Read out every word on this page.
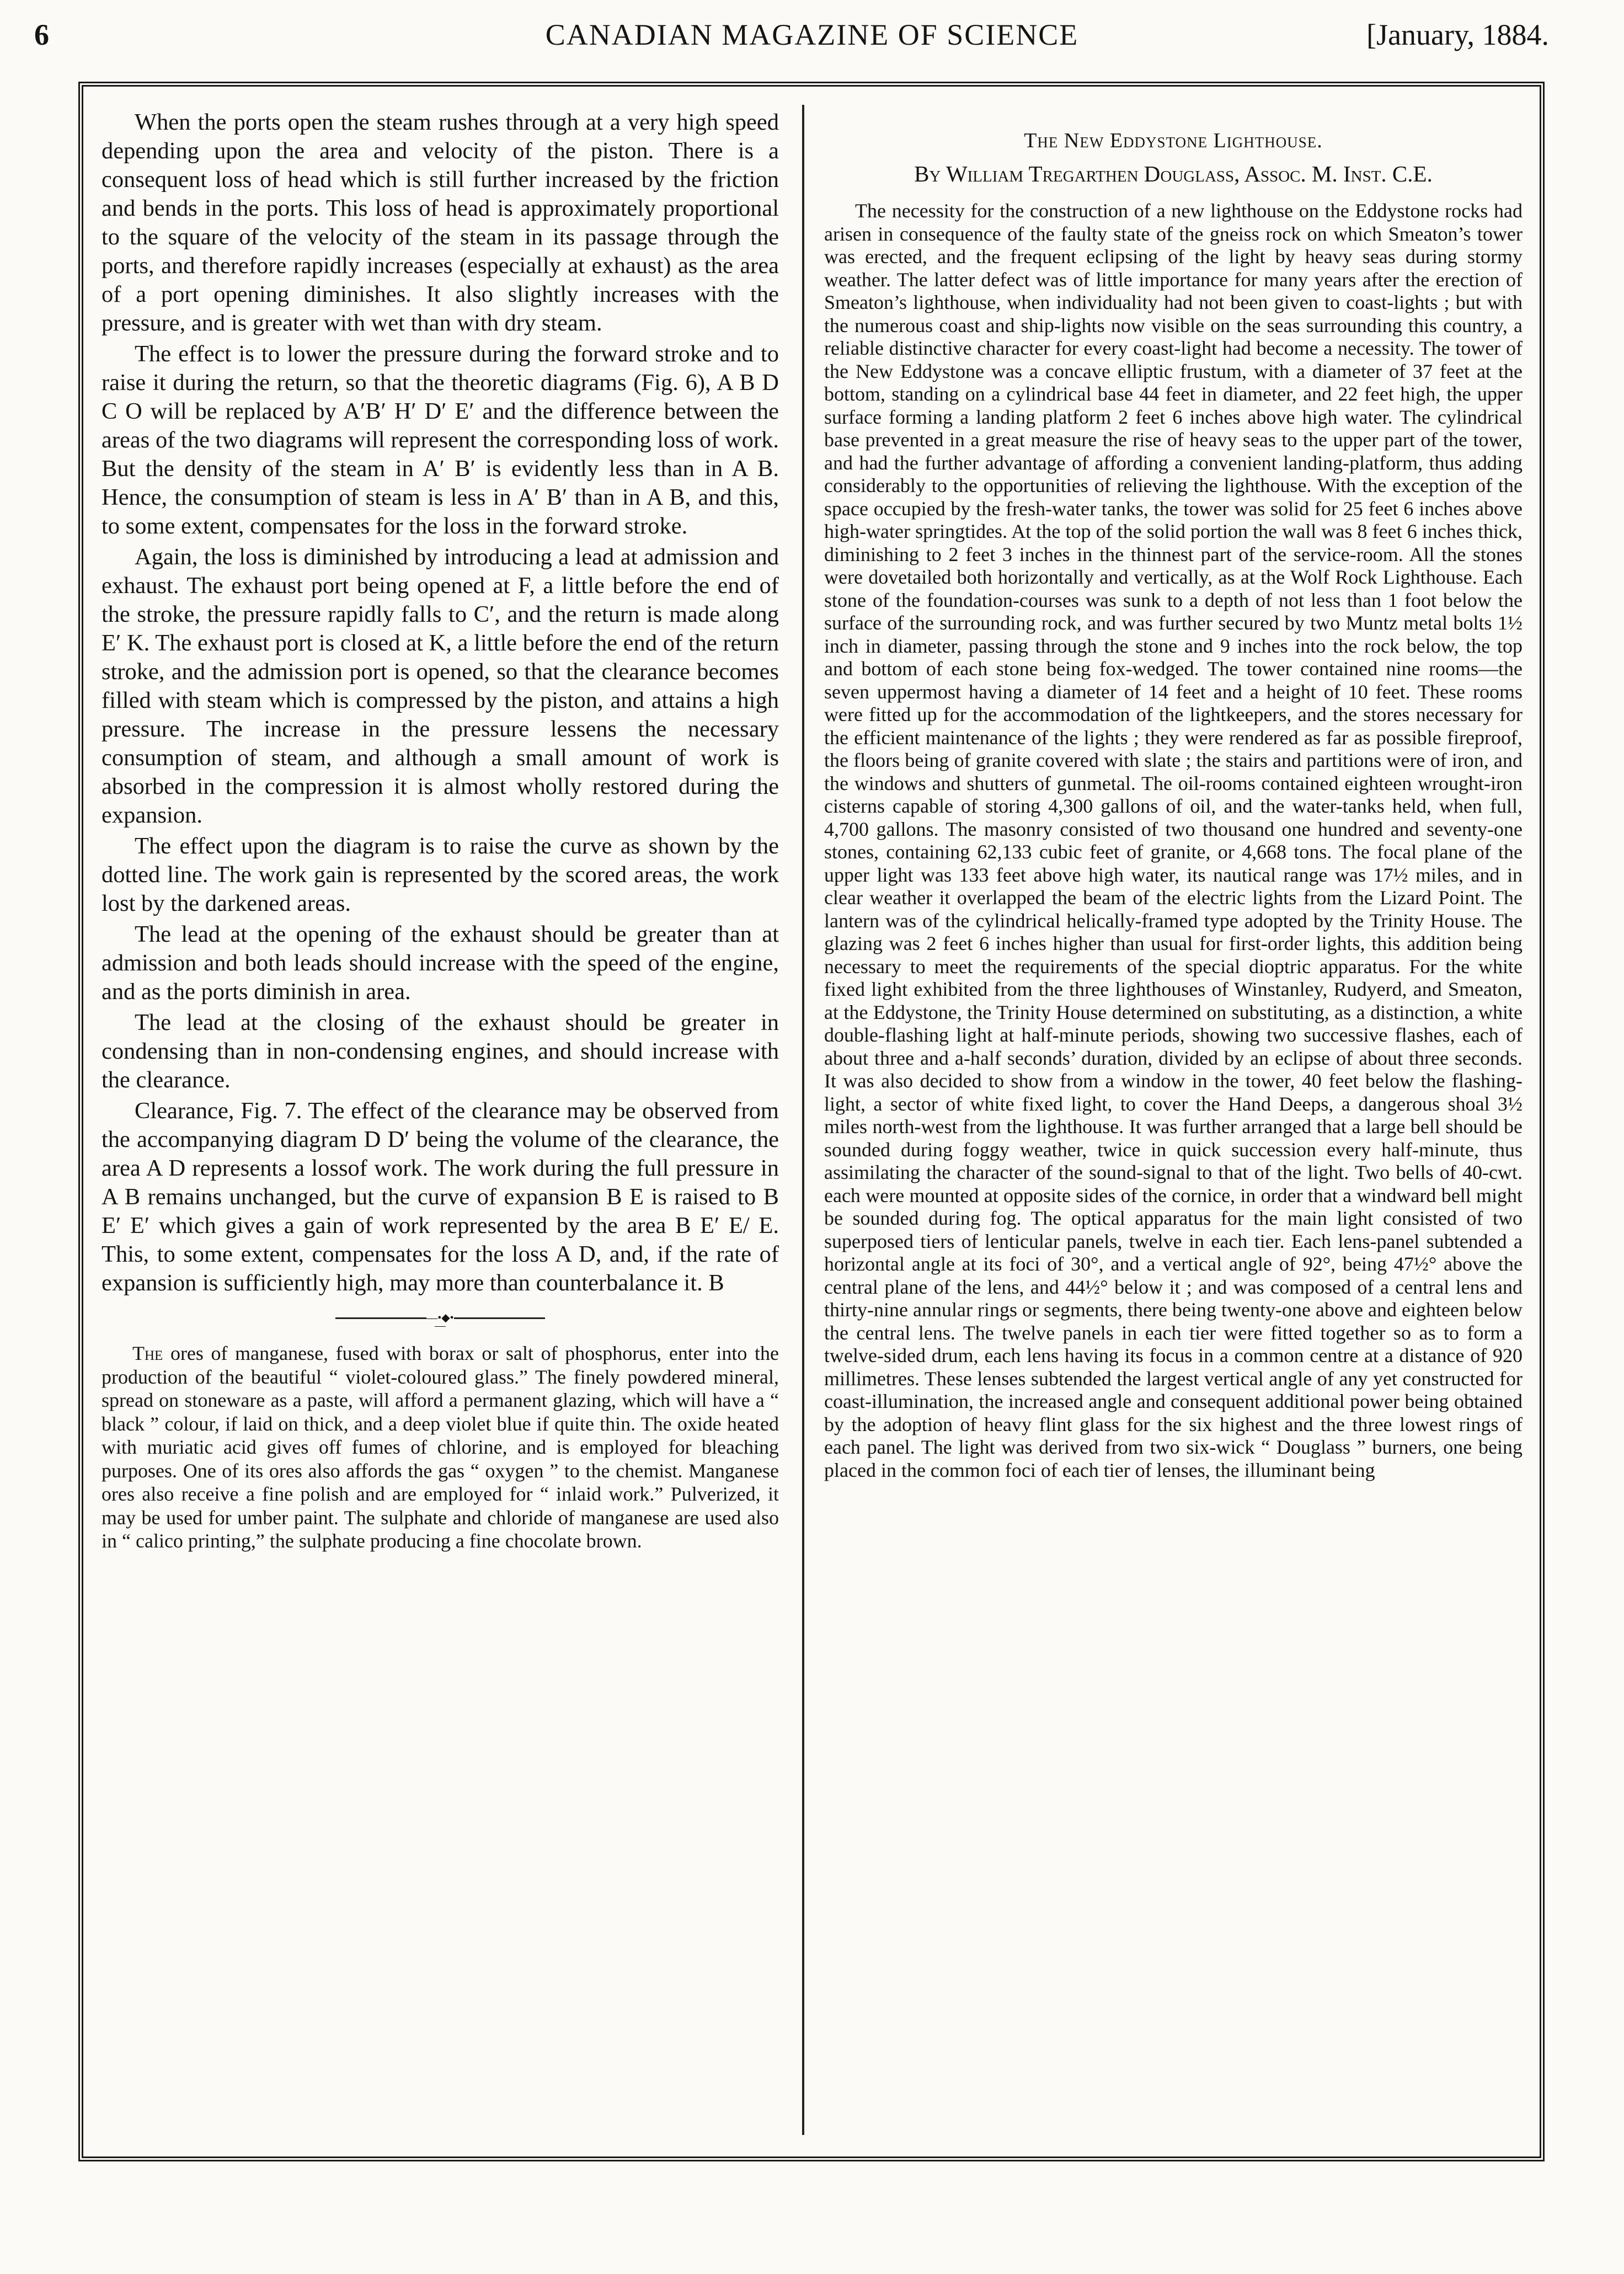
6	CANADIAN MAGAZINE OF SCIENCE	[January, 1884.

When the ports open the steam rushes through at a very high speed depending upon the area and velocity of the piston. There is a consequent loss of head which is still further increased by the friction and bends in the ports. This loss of head is approximately proportional to the square of the velocity of the steam in its passage through the ports, and therefore rapidly increases (especially at exhaust) as the area of a port opening diminishes. It also slightly increases with the pressure, and is greater with wet than with dry steam.

The effect is to lower the pressure during the forward stroke and to raise it during the return, so that the theoretic diagrams (Fig. 6), A B D C O will be replaced by A′B′ H′ D′ E′ and the difference between the areas of the two diagrams will represent the corresponding loss of work. But the density of the steam in A′ B′ is evidently less than in A B. Hence, the consumption of steam is less in A′ B′ than in A B, and this, to some extent, compensates for the loss in the forward stroke.

Again, the loss is diminished by introducing a lead at admission and exhaust. The exhaust port being opened at F, a little before the end of the stroke, the pressure rapidly falls to C′, and the return is made along E′ K. The exhaust port is closed at K, a little before the end of the return stroke, and the admission port is opened, so that the clearance becomes filled with steam which is compressed by the piston, and attains a high pressure. The increase in the pressure lessens the necessary consumption of steam, and although a small amount of work is absorbed in the compression it is almost wholly restored during the expansion.

The effect upon the diagram is to raise the curve as shown by the dotted line. The work gain is represented by the scored areas, the work lost by the darkened areas.

The lead at the opening of the exhaust should be greater than at admission and both leads should increase with the speed of the engine, and as the ports diminish in area.

The lead at the closing of the exhaust should be greater in condensing than in non-condensing engines, and should increase with the clearance.

Clearance, Fig. 7. The effect of the clearance may be observed from the accompanying diagram D D′ being the volume of the clearance, the area A D represents a lossof work. The work during the full pressure in A B remains unchanged, but the curve of expansion B E is raised to B E′ E′ which gives a gain of work represented by the area B E′ E/ E. This, to some extent, compensates for the loss A D, and, if the rate of expansion is sufficiently high, may more than counterbalance it. B

—•◆•—

The ores of manganese, fused with borax or salt of phosphorus, enter into the production of the beautiful “ violet-coloured glass.” The finely powdered mineral, spread on stoneware as a paste, will afford a permanent glazing, which will have a “ black ” colour, if laid on thick, and a deep violet blue if quite thin. The oxide heated with muriatic acid gives off fumes of chlorine, and is employed for bleaching purposes. One of its ores also affords the gas “ oxygen ” to the chemist. Manganese ores also receive a fine polish and are employed for “ inlaid work.” Pulverized, it may be used for umber paint. The sulphate and chloride of manganese are used also in “ calico printing,” the sulphate producing a fine chocolate brown.

The New Eddystone Lighthouse.
By William Tregarthen Douglass, Assoc. M. Inst. C.E.

The necessity for the construction of a new lighthouse on the Eddystone rocks had arisen in consequence of the faulty state of the gneiss rock on which Smeaton’s tower was erected, and the frequent eclipsing of the light by heavy seas during stormy weather. The latter defect was of little importance for many years after the erection of Smeaton’s lighthouse, when individuality had not been given to coast-lights ; but with the numerous coast and ship-lights now visible on the seas surrounding this country, a reliable distinctive character for every coast-light had become a necessity. The tower of the New Eddystone was a concave elliptic frustum, with a diameter of 37 feet at the bottom, standing on a cylindrical base 44 feet in diameter, and 22 feet high, the upper surface forming a landing platform 2 feet 6 inches above high water. The cylindrical base prevented in a great measure the rise of heavy seas to the upper part of the tower, and had the further advantage of affording a convenient landing-platform, thus adding considerably to the opportunities of relieving the lighthouse. With the exception of the space occupied by the fresh-water tanks, the tower was solid for 25 feet 6 inches above high-water springtides. At the top of the solid portion the wall was 8 feet 6 inches thick, diminishing to 2 feet 3 inches in the thinnest part of the service-room. All the stones were dovetailed both horizontally and vertically, as at the Wolf Rock Lighthouse. Each stone of the foundation-courses was sunk to a depth of not less than 1 foot below the surface of the surrounding rock, and was further secured by two Muntz metal bolts 1½ inch in diameter, passing through the stone and 9 inches into the rock below, the top and bottom of each stone being fox-wedged. The tower contained nine rooms—the seven uppermost having a diameter of 14 feet and a height of 10 feet. These rooms were fitted up for the accommodation of the lightkeepers, and the stores necessary for the efficient maintenance of the lights ; they were rendered as far as possible fireproof, the floors being of granite covered with slate ; the stairs and partitions were of iron, and the windows and shutters of gunmetal. The oil-rooms contained eighteen wrought-iron cisterns capable of storing 4,300 gallons of oil, and the water-tanks held, when full, 4,700 gallons. The masonry consisted of two thousand one hundred and seventy-one stones, containing 62,133 cubic feet of granite, or 4,668 tons. The focal plane of the upper light was 133 feet above high water, its nautical range was 17½ miles, and in clear weather it overlapped the beam of the electric lights from the Lizard Point. The lantern was of the cylindrical helically-framed type adopted by the Trinity House. The glazing was 2 feet 6 inches higher than usual for first-order lights, this addition being necessary to meet the requirements of the special dioptric apparatus. For the white fixed light exhibited from the three lighthouses of Winstanley, Rudyerd, and Smeaton, at the Eddystone, the Trinity House determined on substituting, as a distinction, a white double-flashing light at half-minute periods, showing two successive flashes, each of about three and a-half seconds’ duration, divided by an eclipse of about three seconds. It was also decided to show from a window in the tower, 40 feet below the flashing-light, a sector of white fixed light, to cover the Hand Deeps, a dangerous shoal 3½ miles north-west from the lighthouse. It was further arranged that a large bell should be sounded during foggy weather, twice in quick succession every half-minute, thus assimilating the character of the sound-signal to that of the light. Two bells of 40-cwt. each were mounted at opposite sides of the cornice, in order that a windward bell might be sounded during fog. The optical apparatus for the main light consisted of two superposed tiers of lenticular panels, twelve in each tier. Each lens-panel subtended a horizontal angle at its foci of 30°, and a vertical angle of 92°, being 47½° above the central plane of the lens, and 44½° below it ; and was composed of a central lens and thirty-nine annular rings or segments, there being twenty-one above and eighteen below the central lens. The twelve panels in each tier were fitted together so as to form a twelve-sided drum, each lens having its focus in a common centre at a distance of 920 millimetres. These lenses subtended the largest vertical angle of any yet constructed for coast-illumination, the increased angle and consequent additional power being obtained by the adoption of heavy flint glass for the six highest and the three lowest rings of each panel. The light was derived from two six-wick “ Douglass ” burners, one being placed in the common foci of each tier of lenses, the illuminant being
